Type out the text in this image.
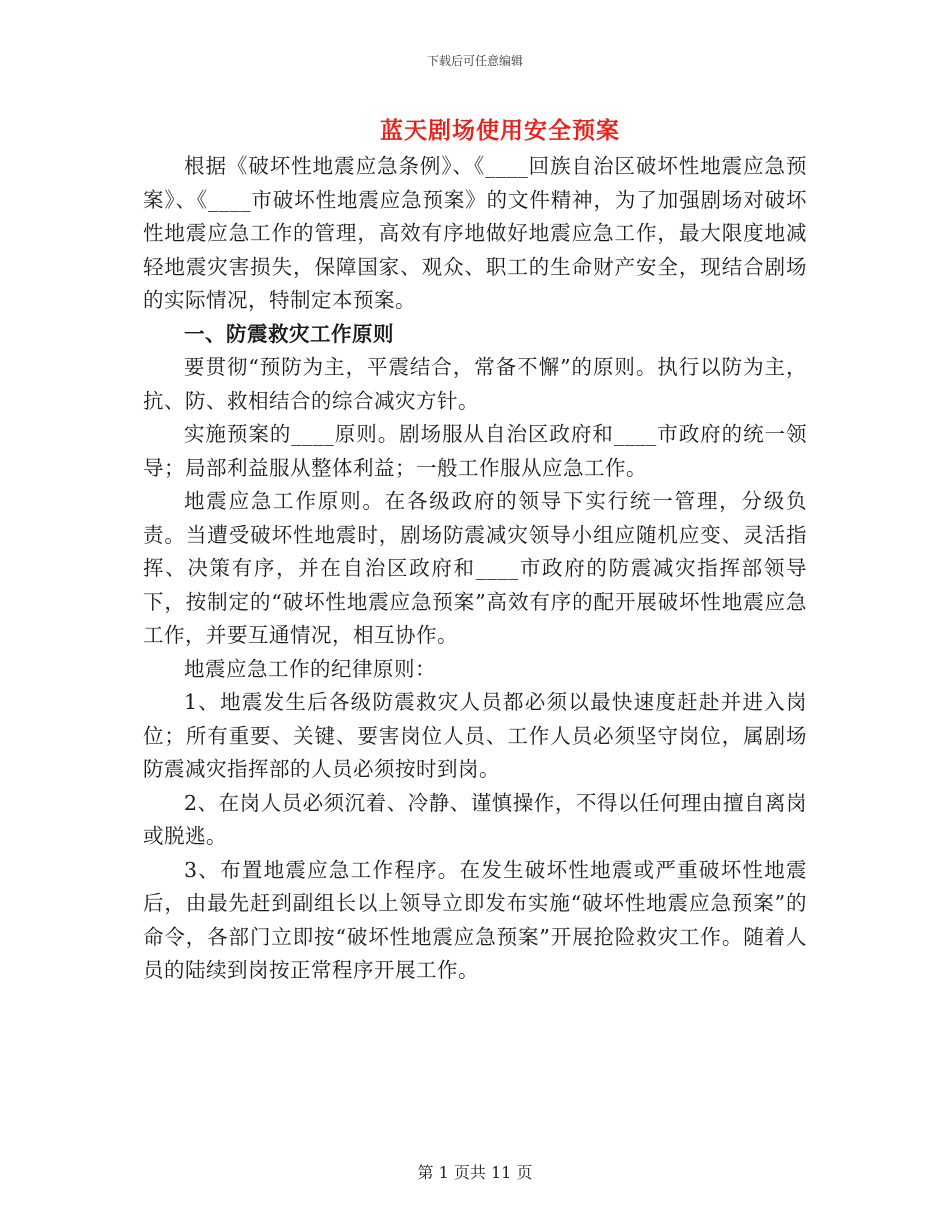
下载后可任意编辑
蓝天剧场使用安全预案

根据《破坏性地震应急条例》、《____回族自治区破坏性地震应急预案》、《____市破坏性地震应急预案》的文件精神，为了加强剧场对破坏性地震应急工作的管理，高效有序地做好地震应急工作，最大限度地减轻地震灾害损失，保障国家、观众、职工的生命财产安全，现结合剧场的实际情况，特制定本预案。

一、防震救灾工作原则

要贯彻“预防为主，平震结合，常备不懈”的原则。执行以防为主，抗、防、救相结合的综合减灾方针。

实施预案的____原则。剧场服从自治区政府和____市政府的统一领导；局部利益服从整体利益；一般工作服从应急工作。

地震应急工作原则。在各级政府的领导下实行统一管理，分级负责。当遭受破坏性地震时，剧场防震减灾领导小组应随机应变、灵活指挥、决策有序，并在自治区政府和____市政府的防震减灾指挥部领导下，按制定的“破坏性地震应急预案”高效有序的配开展破坏性地震应急工作，并要互通情况，相互协作。

地震应急工作的纪律原则：

1、地震发生后各级防震救灾人员都必须以最快速度赶赴并进入岗位；所有重要、关键、要害岗位人员、工作人员必须坚守岗位，属剧场防震减灾指挥部的人员必须按时到岗。

2、在岗人员必须沉着、冷静、谨慎操作，不得以任何理由擅自离岗或脱逃。

3、布置地震应急工作程序。在发生破坏性地震或严重破坏性地震后，由最先赶到副组长以上领导立即发布实施“破坏性地震应急预案”的命令，各部门立即按“破坏性地震应急预案”开展抢险救灾工作。随着人员的陆续到岗按正常程序开展工作。

第 1 页共 11 页
